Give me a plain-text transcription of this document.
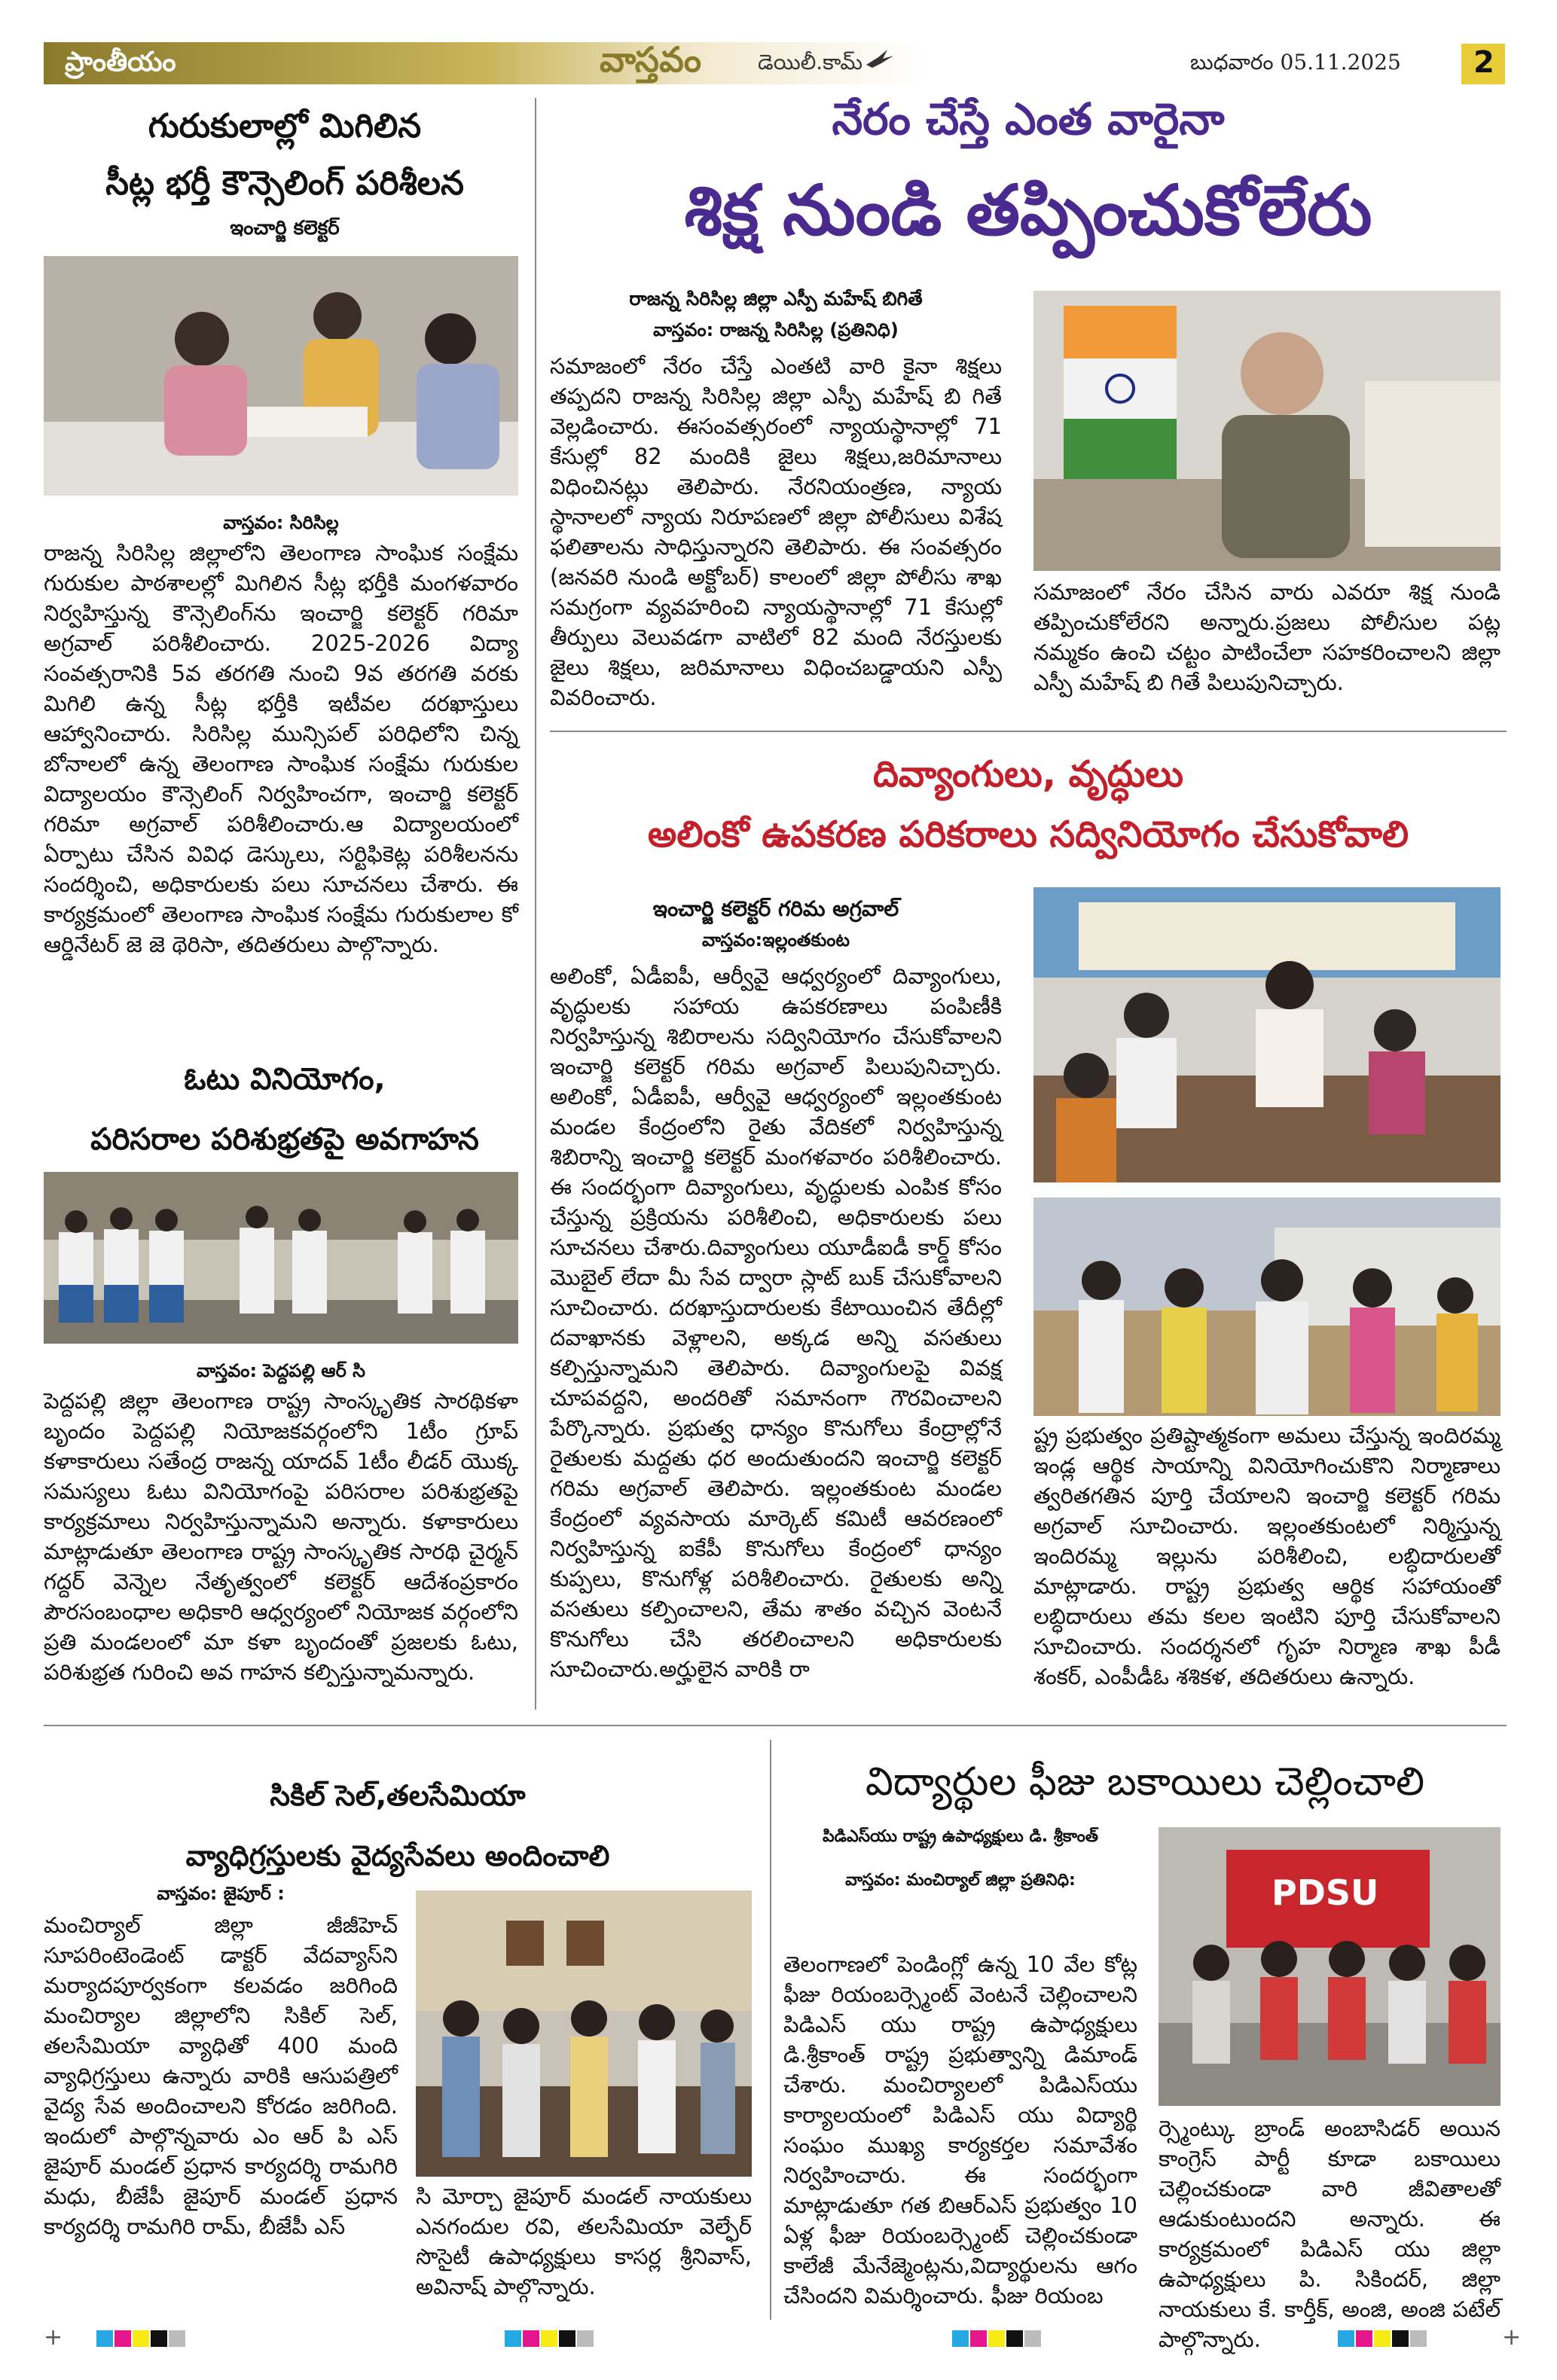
ప్రాంతీయం	వాస్తవం	డెయిలీ.కామ్	బుధవారం 05.11.2025 2
గురుకులాల్లో మిగిలిన
సీట్ల భర్తీ కౌన్సెలింగ్ పరిశీలన
ఇంచార్జి కలెక్టర్
వాస్తవం: సిరిసిల్ల

రాజన్న సిరిసిల్ల జిల్లాలోని తెలంగాణ సాంఘిక సంక్షేమ గురుకుల పాఠశాలల్లో మిగిలిన సీట్ల భర్తీకి మంగళవారం నిర్వహిస్తున్న కౌన్సెలింగ్‌ను ఇంచార్జి కలెక్టర్ గరిమా అగ్రవాల్ పరిశీలించారు. 2025-2026 విద్యా సంవత్సరానికి 5వ తరగతి నుంచి 9వ తరగతి వరకు మిగిలి ఉన్న సీట్ల భర్తీకి ఇటీవల దరఖాస్తులు ఆహ్వానించారు. సిరిసిల్ల మున్సిపల్ పరిధిలోని చిన్న బోనాలలో ఉన్న తెలంగాణ సాంఘిక సంక్షేమ గురుకుల విద్యాలయం కౌన్సెలింగ్ నిర్వహించగా, ఇంచార్జి కలెక్టర్ గరిమా అగ్రవాల్ పరిశీలించారు.ఆ విద్యాలయంలో ఏర్పాటు చేసిన వివిధ డెస్కులు, సర్టిఫికెట్ల పరిశీలనను సందర్శించి, అధికారులకు పలు సూచనలు చేశారు. ఈ కార్యక్రమంలో తెలంగాణ సాంఘిక సంక్షేమ గురుకులాల కో ఆర్డినేటర్ జె జె థెరిసా, తదితరులు పాల్గొన్నారు.

ఓటు వినియోగం,
పరిసరాల పరిశుభ్రతపై అవగాహన
వాస్తవం: పెద్దపల్లి ఆర్ సి

పెద్దపల్లి జిల్లా తెలంగాణ రాష్ట్ర సాంస్కృతిక సారథికళా బృందం పెద్దపల్లి నియోజకవర్గంలోని 1టీం గ్రూప్ కళాకారులు సతేంద్ర రాజన్న యాదవ్ 1టీం లీడర్ యొక్క సమస్యలు ఓటు వినియోగంపై పరిసరాల పరిశుభ్రతపై కార్యక్రమాలు నిర్వహిస్తున్నామని అన్నారు. కళాకారులు మాట్లాడుతూ తెలంగాణ రాష్ట్ర సాంస్కృతిక సారథి చైర్మన్ గద్దర్ వెన్నెల నేతృత్వంలో కలెక్టర్ ఆదేశంప్రకారం పౌరసంబంధాల అధికారి ఆధ్వర్యంలో నియోజక వర్గంలోని ప్రతి మండలంలో మా కళా బృందంతో ప్రజలకు ఓటు, పరిశుభ్రత గురించి అవ గాహన కల్పిస్తున్నామన్నారు.

నేరం చేస్తే ఎంత వారైనా
శిక్ష నుండి తప్పించుకోలేరు
రాజన్న సిరిసిల్ల జిల్లా ఎస్పీ మహేష్ బిగితే
వాస్తవం: రాజన్న సిరిసిల్ల (ప్రతినిధి)

సమాజంలో నేరం చేస్తే ఎంతటి వారి కైనా శిక్షలు తప్పదని రాజన్న సిరిసిల్ల జిల్లా ఎస్పీ మహేష్ బి గితే వెల్లడించారు. ఈసంవత్సరంలో న్యాయస్థానాల్లో 71 కేసుల్లో 82 మందికి జైలు శిక్షలు,జరిమానాలు విధించినట్లు తెలిపారు. నేరనియంత్రణ, న్యాయ స్థానాలలో న్యాయ నిరూపణలో జిల్లా పోలీసులు విశేష ఫలితాలను సాధిస్తున్నారని తెలిపారు. ఈ సంవత్సరం (జనవరి నుండి అక్టోబర్) కాలంలో జిల్లా పోలీసు శాఖ సమగ్రంగా వ్యవహరించి న్యాయస్థానాల్లో 71 కేసుల్లో తీర్పులు వెలువడగా వాటిలో 82 మంది నేరస్తులకు జైలు శిక్షలు, జరిమానాలు విధించబడ్డాయని ఎస్పీ వివరించారు.

సమాజంలో నేరం చేసిన వారు ఎవరూ శిక్ష నుండి తప్పించుకోలేరని అన్నారు.ప్రజలు పోలీసుల పట్ల నమ్మకం ఉంచి చట్టం పాటించేలా సహకరించాలని జిల్లా ఎస్పీ మహేష్ బి గితే పిలుపునిచ్చారు.

దివ్యాంగులు, వృద్ధులు
అలింకో ఉపకరణ పరికరాలు సద్వినియోగం చేసుకోవాలి
ఇంచార్జి కలెక్టర్ గరిమ అగ్రవాల్
వాస్తవం:ఇల్లంతకుంట

అలింకో, ఏడీఐపీ, ఆర్వీవై ఆధ్వర్యంలో దివ్యాంగులు, వృద్ధులకు సహాయ ఉపకరణాలు పంపిణీకి నిర్వహిస్తున్న శిబిరాలను సద్వినియోగం చేసుకోవాలని ఇంచార్జి కలెక్టర్ గరిమ అగ్రవాల్ పిలుపునిచ్చారు. అలింకో, ఏడీఐపీ, ఆర్వీవై ఆధ్వర్యంలో ఇల్లంతకుంట మండల కేంద్రంలోని రైతు వేదికలో నిర్వహిస్తున్న శిబిరాన్ని ఇంచార్జి కలెక్టర్ మంగళవారం పరిశీలించారు. ఈ సందర్భంగా దివ్యాంగులు, వృద్ధులకు ఎంపిక కోసం చేస్తున్న ప్రక్రియను పరిశీలించి, అధికారులకు పలు సూచనలు చేశారు.దివ్యాంగులు యూడీఐడీ కార్డ్ కోసం మొబైల్ లేదా మీ సేవ ద్వారా స్లాట్ బుక్ చేసుకోవాలని సూచించారు. దరఖాస్తుదారులకు కేటాయించిన తేదీల్లో దవాఖానకు వెళ్లాలని, అక్కడ అన్ని వసతులు కల్పిస్తున్నామని తెలిపారు. దివ్యాంగులపై వివక్ష చూపవద్దని, అందరితో సమానంగా గౌరవించాలని పేర్కొన్నారు. ప్రభుత్వ ధాన్యం కొనుగోలు కేంద్రాల్లోనే రైతులకు మద్దతు ధర అందుతుందని ఇంచార్జి కలెక్టర్ గరిమ అగ్రవాల్ తెలిపారు. ఇల్లంతకుంట మండల కేంద్రంలో వ్యవసాయ మార్కెట్ కమిటీ ఆవరణంలో నిర్వహిస్తున్న ఐకేపీ కొనుగోలు కేంద్రంలో ధాన్యం కుప్పలు, కొనుగోళ్ల పరిశీలించారు. రైతులకు అన్ని వసతులు కల్పించాలని, తేమ శాతం వచ్చిన వెంటనే కొనుగోలు చేసి తరలించాలని అధికారులకు సూచించారు.అర్హులైన వారికి రా

ష్ట్ర ప్రభుత్వం ప్రతిష్టాత్మకంగా అమలు చేస్తున్న ఇందిరమ్మ ఇండ్ల ఆర్థిక సాయాన్ని వినియోగించుకొని నిర్మాణాలు త్వరితగతిన పూర్తి చేయాలని ఇంచార్జి కలెక్టర్ గరిమ అగ్రవాల్ సూచించారు. ఇల్లంతకుంటలో నిర్మిస్తున్న ఇందిరమ్మ ఇల్లును పరిశీలించి, లబ్ధిదారులతో మాట్లాడారు. రాష్ట్ర ప్రభుత్వ ఆర్థిక సహాయంతో లబ్ధిదారులు తమ కలల ఇంటిని పూర్తి చేసుకోవాలని సూచించారు. సందర్శనలో గృహ నిర్మాణ శాఖ పీడీ శంకర్, ఎంపీడీఓ శశికళ, తదితరులు ఉన్నారు.

సికిల్ సెల్,తలసేమియా
వ్యాధిగ్రస్తులకు వైద్యసేవలు అందించాలి
వాస్తవం: జైపూర్ :

మంచిర్యాల్ జిల్లా జీజీహెచ్ సూపరింటెండెంట్ డాక్టర్ వేదవ్యాస్‌ని మర్యాదపూర్వకంగా కలవడం జరిగింది మంచిర్యాల జిల్లాలోని సికిల్ సెల్, తలసేమియా వ్యాధితో 400 మంది వ్యాధిగ్రస్తులు ఉన్నారు వారికి ఆసుపత్రిలో వైద్య సేవ అందించాలని కోరడం జరిగింది. ఇందులో పాల్గొన్నవారు ఎం ఆర్ పి ఎస్ జైపూర్ మండల్ ప్రధాన కార్యదర్శి రామగిరి మధు, బీజేపీ జైపూర్ మండల్ ప్రధాన కార్యదర్శి రామగిరి రామ్, బీజేపీ ఎస్

సి మోర్చా జైపూర్ మండల్ నాయకులు ఎనగందుల రవి, తలసేమియా వెల్ఫేర్ సొసైటీ ఉపాధ్యక్షులు కాసర్ల శ్రీనివాస్, అవినాష్ పాల్గొన్నారు.

విద్యార్థుల ఫీజు బకాయిలు చెల్లించాలి
పిడిఎస్‌యు రాష్ట్ర ఉపాధ్యక్షులు డి. శ్రీకాంత్
వాస్తవం: మంచిర్యాల్ జిల్లా ప్రతినిధి:

తెలంగాణలో పెండింగ్లో ఉన్న 10 వేల కోట్ల ఫీజు రియంబర్స్మెంట్ వెంటనే చెల్లించాలని పిడిఎస్ యు రాష్ట్ర ఉపాధ్యక్షులు డి.శ్రీకాంత్ రాష్ట్ర ప్రభుత్వాన్ని డిమాండ్ చేశారు. మంచిర్యాలలో పిడిఎస్‌యు కార్యాలయంలో పిడిఎస్ యు విద్యార్థి సంఘం ముఖ్య కార్యకర్తల సమావేశం నిర్వహించారు. ఈ సందర్భంగా మాట్లాడుతూ గత బిఆర్ఎస్ ప్రభుత్వం 10 ఏళ్ల ఫీజు రియంబర్స్మెంట్ చెల్లించకుండా కాలేజీ మేనేజ్మెంట్లను,విద్యార్థులను ఆగం చేసిందని విమర్శించారు. ఫీజు రియంబ

PDSU

ర్స్మెంట్కు బ్రాండ్ అంబాసిడర్ అయిన కాంగ్రెస్ పార్టీ కూడా బకాయిలు చెల్లించకుండా వారి జీవితాలతో ఆడుకుంటుందని అన్నారు. ఈ కార్యక్రమంలో పిడిఎస్ యు జిల్లా ఉపాధ్యక్షులు పి. సికిందర్, జిల్లా నాయకులు కే. కార్తీక్, అంజి, అంజి పటేల్ పాల్గొన్నారు.

+	+
